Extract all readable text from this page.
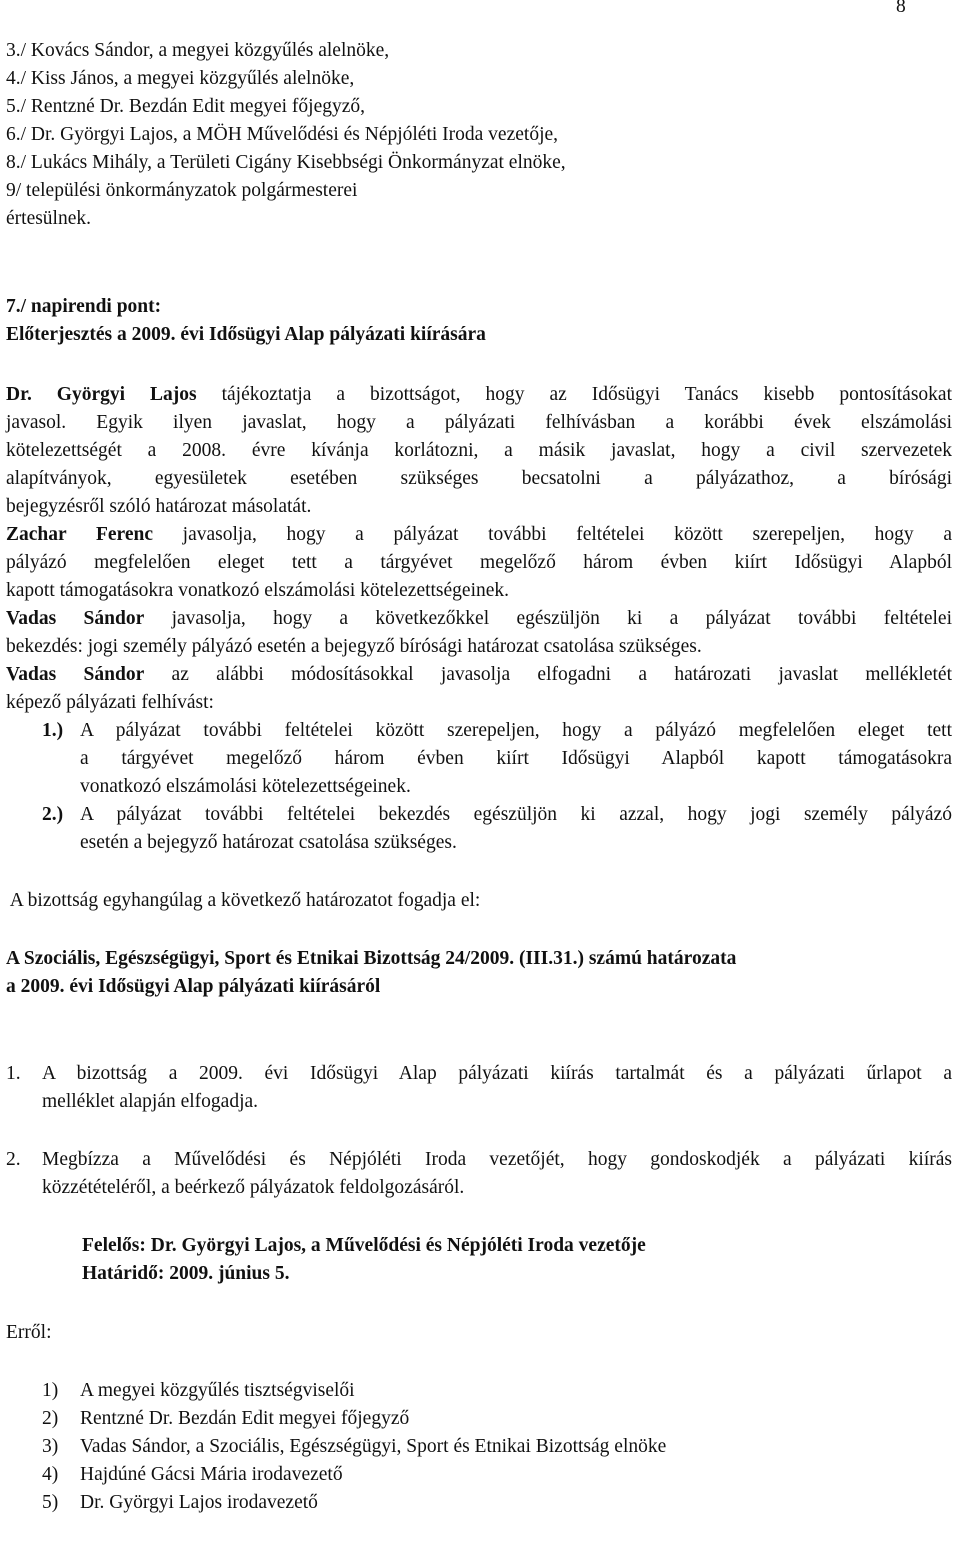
8
3./ Kovács Sándor, a megyei közgyűlés alelnöke,
4./ Kiss János, a megyei közgyűlés alelnöke,
5./ Rentzné Dr. Bezdán Edit megyei főjegyző,
6./ Dr. Györgyi Lajos, a MÖH Művelődési és Népjóléti Iroda vezetője,
8./ Lukács Mihály, a Területi Cigány Kisebbségi Önkormányzat elnöke,
9/ települési önkormányzatok polgármesterei
értesülnek.
7./ napirendi pont:
Előterjesztés a 2009. évi Idősügyi Alap pályázati kiírására
Dr. Györgyi Lajos tájékoztatja a bizottságot, hogy az Idősügyi Tanács kisebb pontosításokat
javasol. Egyik ilyen javaslat, hogy a pályázati felhívásban a korábbi évek elszámolási
kötelezettségét a 2008. évre kívánja korlátozni, a másik javaslat, hogy a civil szervezetek
alapítványok, egyesületek esetében szükséges becsatolni a pályázathoz, a bírósági
bejegyzésről szóló határozat másolatát.
Zachar Ferenc javasolja, hogy a pályázat további feltételei között szerepeljen, hogy a
pályázó megfelelően eleget tett a tárgyévet megelőző három évben kiírt Idősügyi Alapból
kapott támogatásokra vonatkozó elszámolási kötelezettségeinek.
Vadas Sándor javasolja, hogy a következőkkel egészüljön ki a pályázat további feltételei
bekezdés: jogi személy pályázó esetén a bejegyző bírósági határozat csatolása szükséges.
Vadas Sándor az alábbi módosításokkal javasolja elfogadni a határozati javaslat mellékletét
képező pályázati felhívást:
1.) A pályázat további feltételei között szerepeljen, hogy a pályázó megfelelően eleget tett
a tárgyévet megelőző három évben kiírt Idősügyi Alapból kapott támogatásokra
vonatkozó elszámolási kötelezettségeinek.
2.) A pályázat további feltételei bekezdés egészüljön ki azzal, hogy jogi személy pályázó
esetén a bejegyző határozat csatolása szükséges.
A bizottság egyhangúlag a következő határozatot fogadja el:
A Szociális, Egészségügyi, Sport és Etnikai Bizottság 24/2009. (III.31.) számú határozata
a 2009. évi Idősügyi Alap pályázati kiírásáról
1. A bizottság a 2009. évi Idősügyi Alap pályázati kiírás tartalmát és a pályázati űrlapot a
melléklet alapján elfogadja.
2. Megbízza a Művelődési és Népjóléti Iroda vezetőjét, hogy gondoskodjék a pályázati kiírás
közzétételéről, a beérkező pályázatok feldolgozásáról.
Felelős: Dr. Györgyi Lajos, a Művelődési és Népjóléti Iroda vezetője
Határidő: 2009. június 5.
Erről:
1) A megyei közgyűlés tisztségviselői
2) Rentzné Dr. Bezdán Edit megyei főjegyző
3) Vadas Sándor, a Szociális, Egészségügyi, Sport és Etnikai Bizottság elnöke
4) Hajdúné Gácsi Mária irodavezető
5) Dr. Györgyi Lajos irodavezető
